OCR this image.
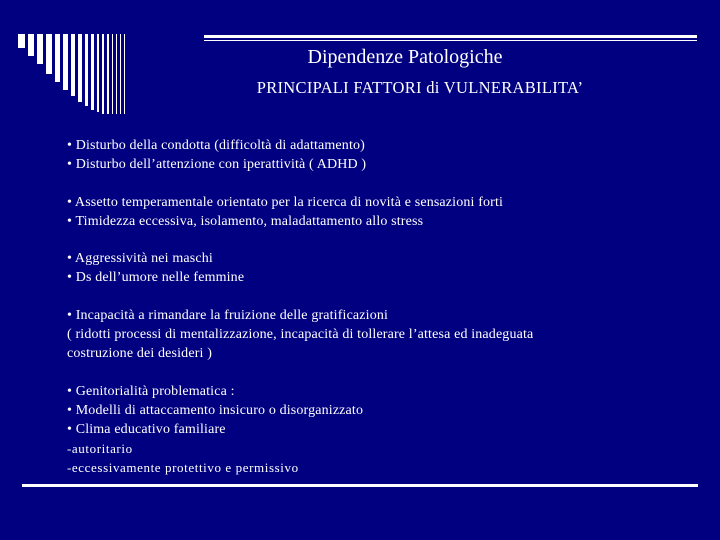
Dipendenze Patologiche
PRINCIPALI FATTORI di VULNERABILITA’
• Disturbo della condotta (difficoltà di adattamento)
• Disturbo dell’attenzione con iperattività ( ADHD )
• Assetto temperamentale orientato per la ricerca di novità e sensazioni forti
• Timidezza eccessiva, isolamento, maladattamento allo stress
• Aggressività nei maschi
• Ds dell’umore nelle femmine
• Incapacità a rimandare la fruizione delle gratificazioni
( ridotti processi di mentalizzazione, incapacità di tollerare l’attesa ed inadeguata
costruzione dei desideri )
• Genitorialità problematica :
• Modelli di attaccamento insicuro o disorganizzato
• Clima educativo familiare
-autoritario
-eccessivamente protettivo e permissivo
